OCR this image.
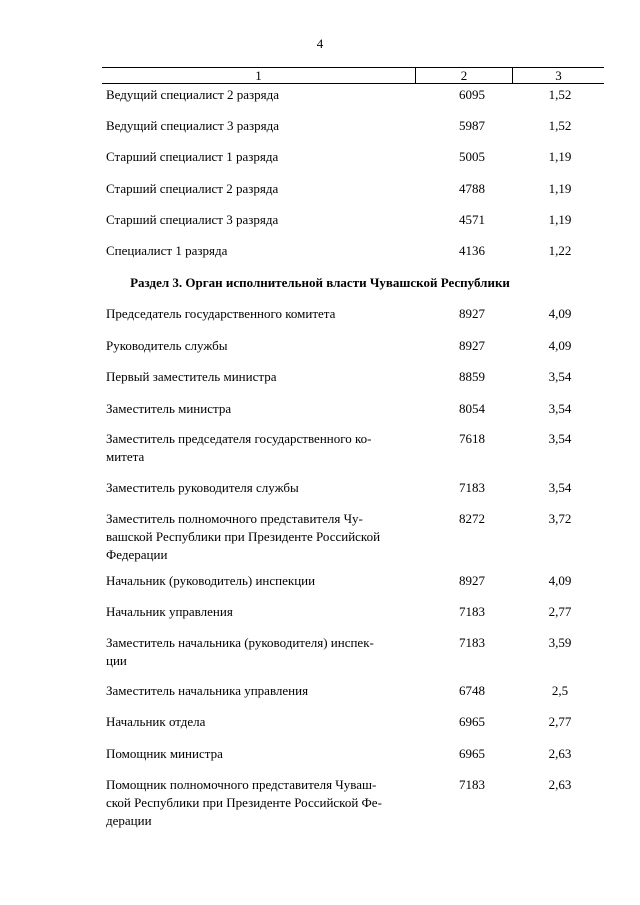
4
1	2	3
Ведущий специалист 2 разряда	6095	1,52
Ведущий специалист 3 разряда	5987	1,52
Старший специалист 1 разряда	5005	1,19
Старший специалист 2 разряда	4788	1,19
Старший специалист 3 разряда	4571	1,19
Специалист 1 разряда	4136	1,22
Раздел 3. Орган исполнительной власти Чувашской Республики
Председатель государственного комитета	8927	4,09
Руководитель службы	8927	4,09
Первый заместитель министра	8859	3,54
Заместитель министра	8054	3,54
Заместитель председателя государственного ко-
митета
7618	3,54
Заместитель руководителя службы	7183	3,54
Заместитель полномочного представителя Чу-
вашской Республики при Президенте Российской
Федерации
8272	3,72
Начальник (руководитель) инспекции	8927	4,09
Начальник управления	7183	2,77
Заместитель начальника (руководителя) инспек-
ции
7183	3,59
Заместитель начальника управления	6748	2,5
Начальник отдела	6965	2,77
Помощник министра	6965	2,63
Помощник полномочного представителя Чуваш-
ской Республики при Президенте Российской Фе-
дерации
7183	2,63
